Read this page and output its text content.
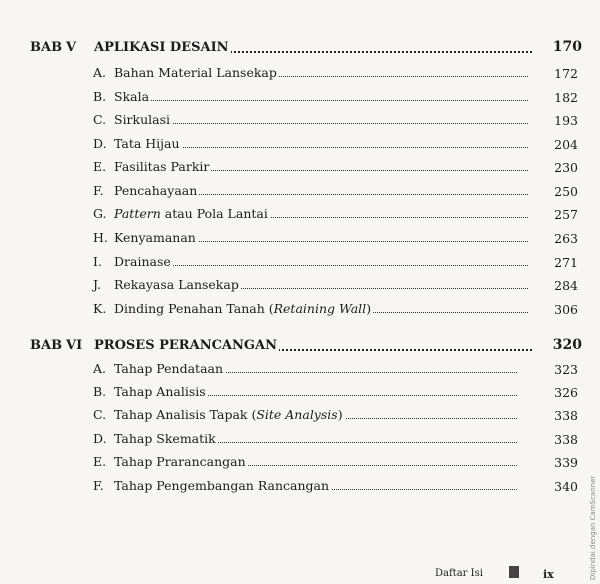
BAB V APLIKASI DESAIN	170
A. Bahan Material Lansekap	172
B. Skala	182
C. Sirkulasi	193
D. Tata Hijau	204
E. Fasilitas Parkir	230
F. Pencahayaan	250
G. Pattern atau Pola Lantai	257
H. Kenyamanan	263
I. Drainase	271
J. Rekayasa Lansekap	284
K. Dinding Penahan Tanah (Retaining Wall)	306
BAB VI PROSES PERANCANGAN	320
A. Tahap Pendataan	323
B. Tahap Analisis	326
C. Tahap Analisis Tapak (Site Analysis)	338
D. Tahap Skematik	338
E. Tahap Prarancangan	339
F. Tahap Pengembangan Rancangan	340
Daftar Isi	ix	Dipindai dengan CamScanner
